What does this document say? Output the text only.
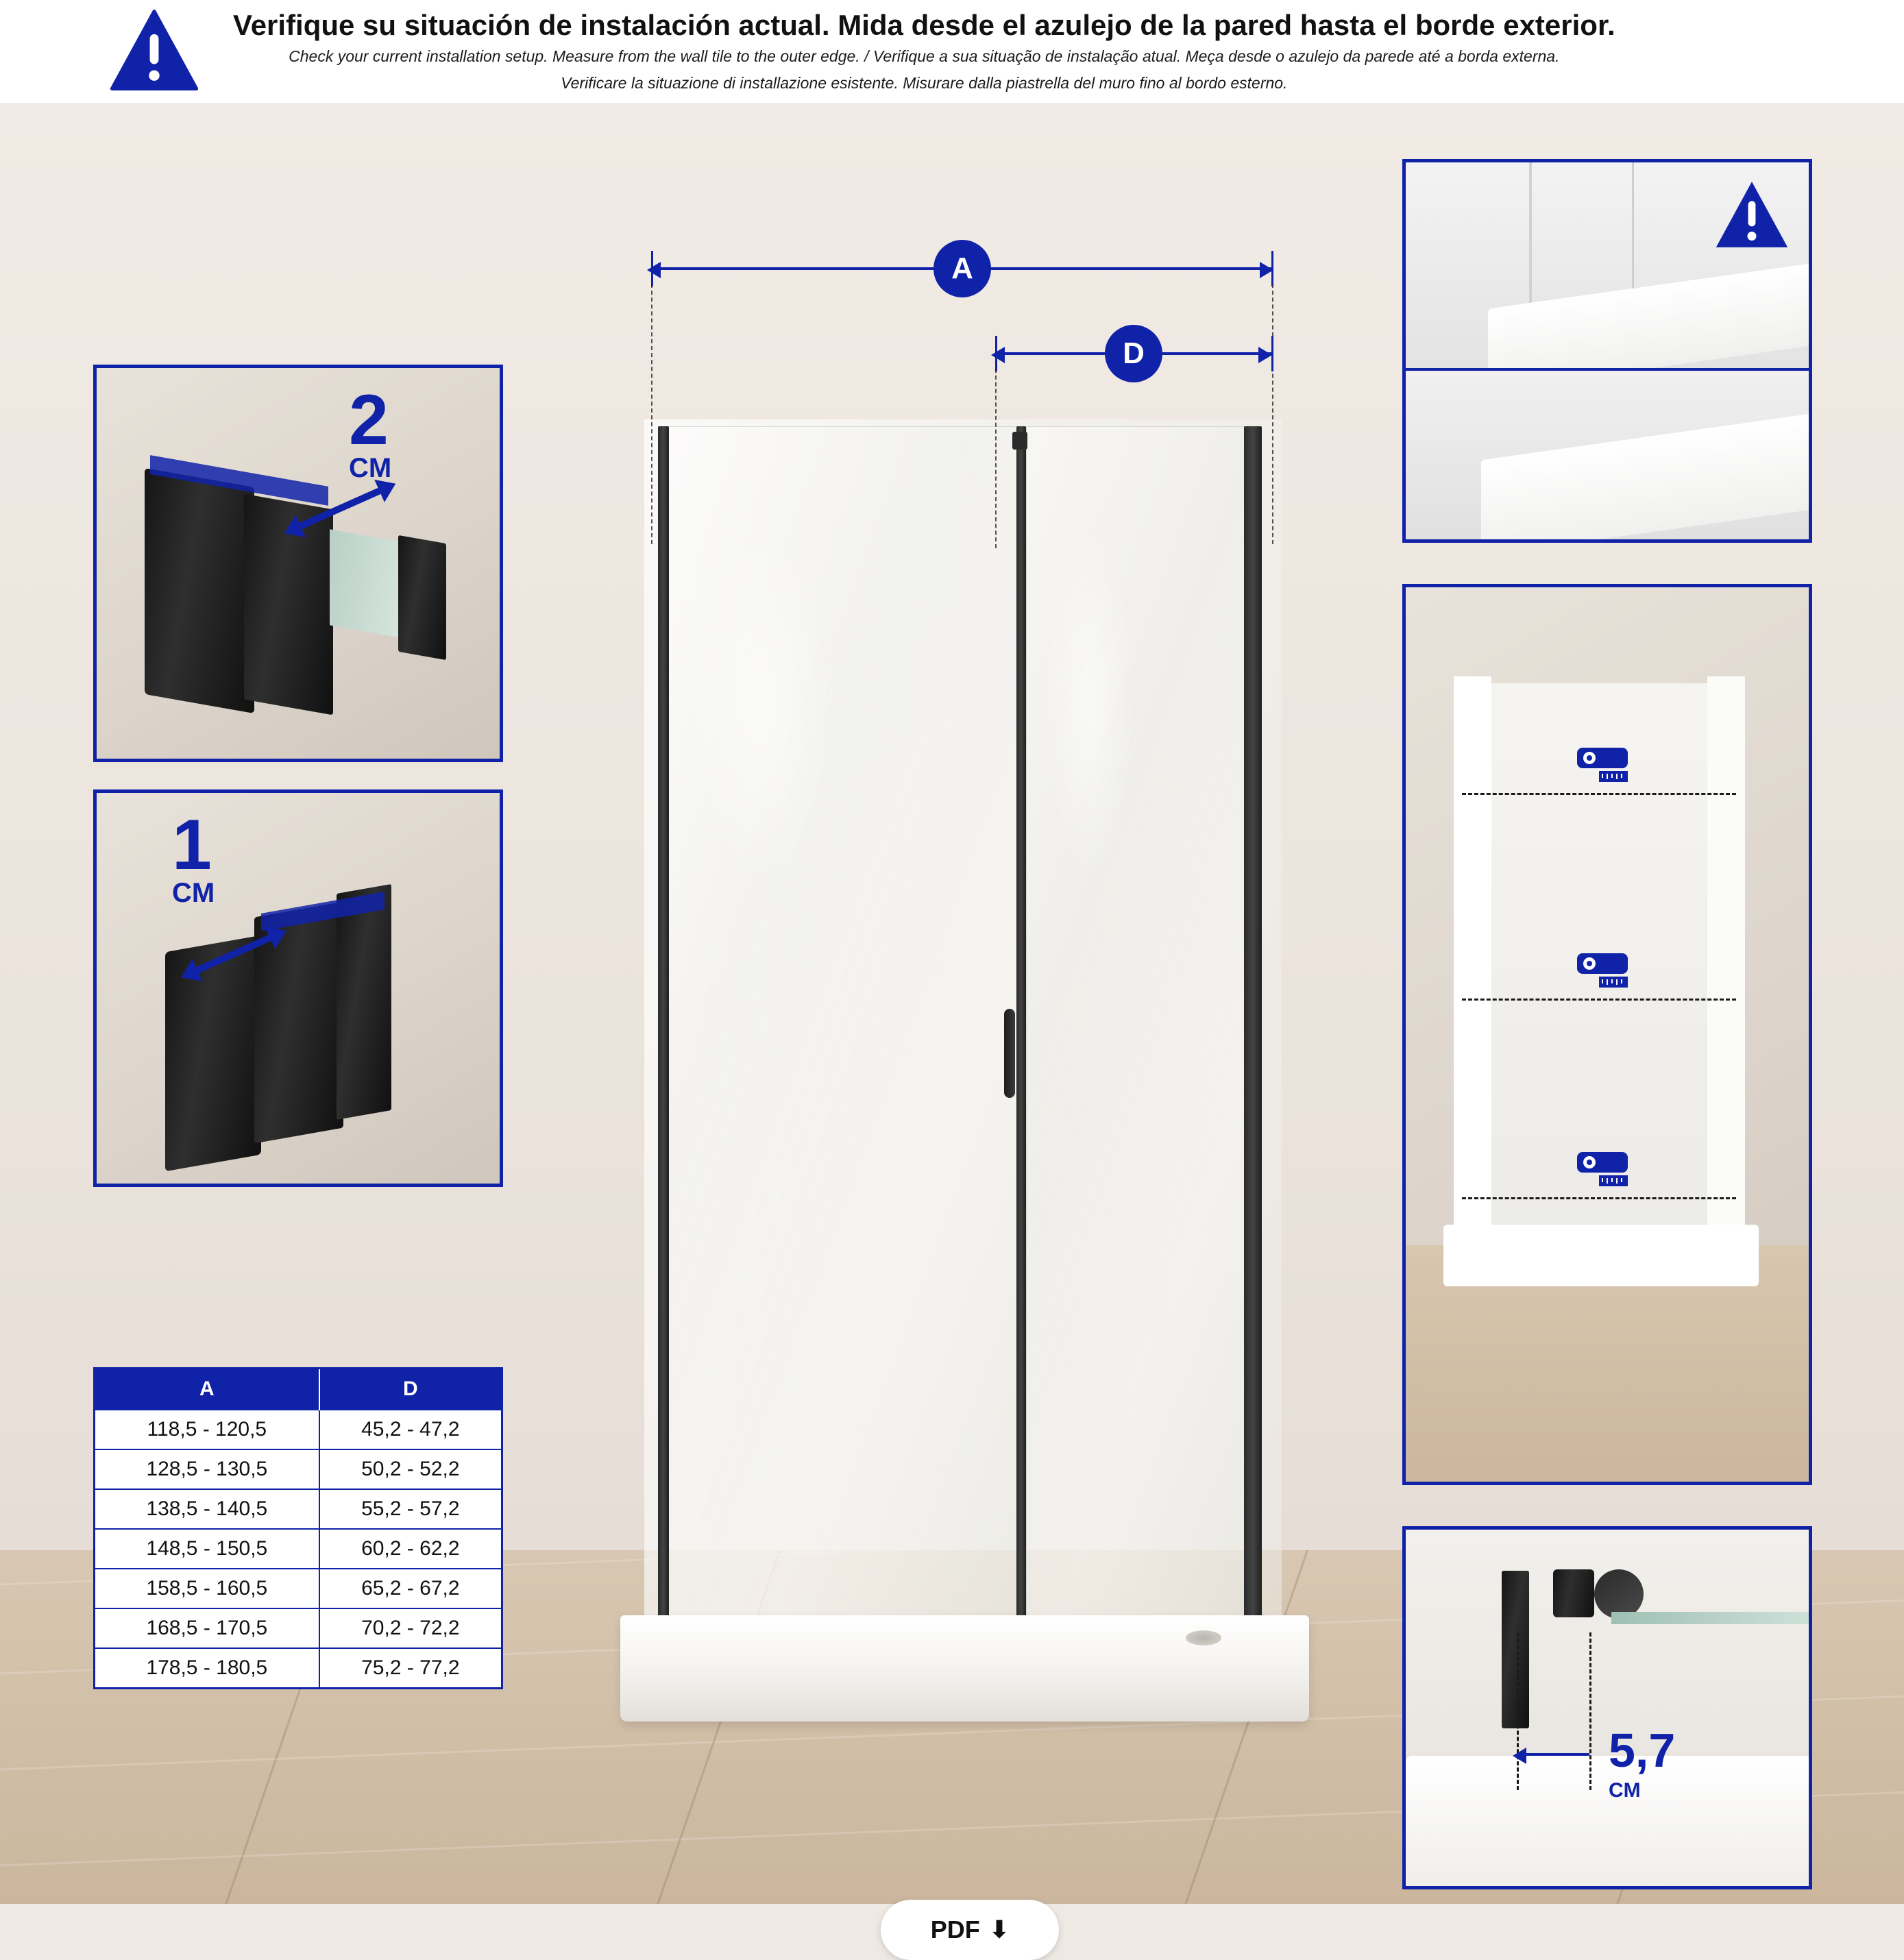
Verifique su situación de instalación actual. Mida desde el azulejo de la pared hasta el borde exterior.
Check your current installation setup. Measure from the wall tile to the outer edge. / Verifique a sua situação de instalação atual. Meça desde o azulejo da parede até a borda externa.
Verificare la situazione di installazione esistente. Misurare dalla piastrella del muro fino al bordo esterno.
A
D
2
CM
1
CM
A	D
118,5 - 120,5	45,2 - 47,2
128,5 - 130,5	50,2 - 52,2
138,5 - 140,5	55,2 - 57,2
148,5 - 150,5	60,2 - 62,2
158,5 - 160,5	65,2 - 67,2
168,5 - 170,5	70,2 - 72,2
178,5 - 180,5	75,2 - 77,2
5,7
CM
PDF ⬇
